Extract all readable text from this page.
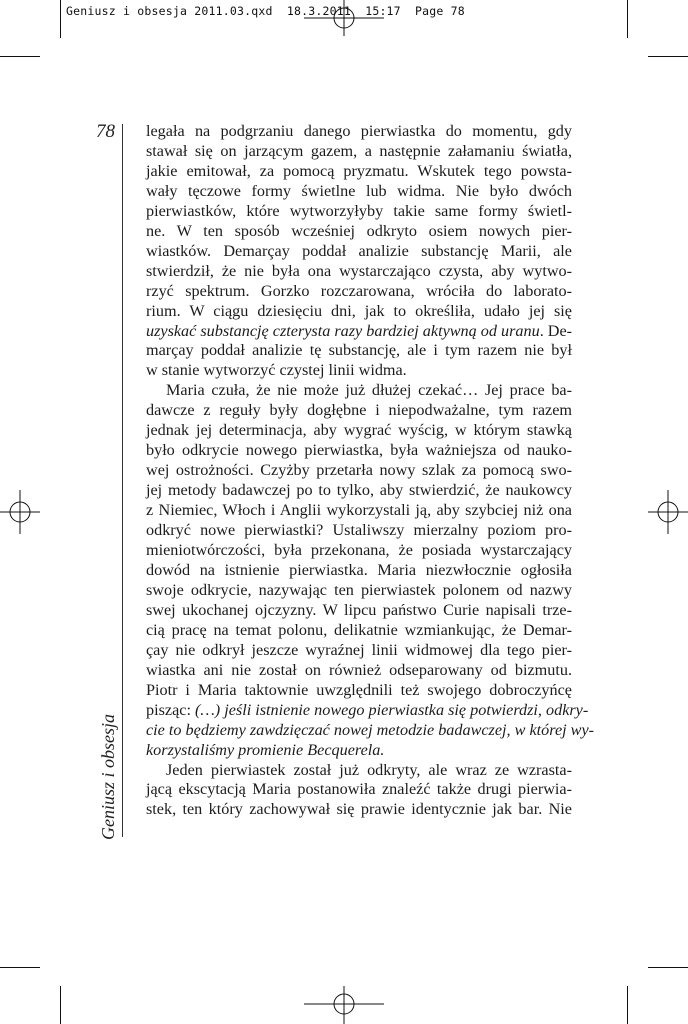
Geniusz i obsesja 2011.03.qxd  18.3.2011  15:17  Page 78
78
Geniusz i obsesja
legała na podgrzaniu danego pierwiastka do momentu, gdy
stawał się on jarzącym gazem, a następnie załamaniu światła,
jakie emitował, za pomocą pryzmatu. Wskutek tego powsta-
wały tęczowe formy świetlne lub widma. Nie było dwóch
pierwiastków, które wytworzyłyby takie same formy świetl-
ne. W ten sposób wcześniej odkryto osiem nowych pier-
wiastków. Demarçay poddał analizie substancję Marii, ale
stwierdził, że nie była ona wystarczająco czysta, aby wytwo-
rzyć spektrum. Gorzko rozczarowana, wróciła do laborato-
rium. W ciągu dziesięciu dni, jak to określiła, udało jej się
uzyskać substancję czterysta razy bardziej aktywną od uranu. De-
marçay poddał analizie tę substancję, ale i tym razem nie był
w stanie wytworzyć czystej linii widma.
Maria czuła, że nie może już dłużej czekać… Jej prace ba-
dawcze z reguły były dogłębne i niepodważalne, tym razem
jednak jej determinacja, aby wygrać wyścig, w którym stawką
było odkrycie nowego pierwiastka, była ważniejsza od nauko-
wej ostrożności. Czyżby przetarła nowy szlak za pomocą swo-
jej metody badawczej po to tylko, aby stwierdzić, że naukowcy
z Niemiec, Włoch i Anglii wykorzystali ją, aby szybciej niż ona
odkryć nowe pierwiastki? Ustaliwszy mierzalny poziom pro-
mieniotwórczości, była przekonana, że posiada wystarczający
dowód na istnienie pierwiastka. Maria niezwłocznie ogłosiła
swoje odkrycie, nazywając ten pierwiastek polonem od nazwy
swej ukochanej ojczyzny. W lipcu państwo Curie napisali trze-
cią pracę na temat polonu, delikatnie wzmiankując, że Demar-
çay nie odkrył jeszcze wyraźnej linii widmowej dla tego pier-
wiastka ani nie został on również odseparowany od bizmutu.
Piotr i Maria taktownie uwzględnili też swojego dobroczyńcę
pisząc: (…) jeśli istnienie nowego pierwiastka się potwierdzi, odkry-
cie to będziemy zawdzięczać nowej metodzie badawczej, w której wy-
korzystaliśmy promienie Becquerela.
Jeden pierwiastek został już odkryty, ale wraz ze wzrasta-
jącą ekscytacją Maria postanowiła znaleźć także drugi pierwia-
stek, ten który zachowywał się prawie identycznie jak bar. Nie
